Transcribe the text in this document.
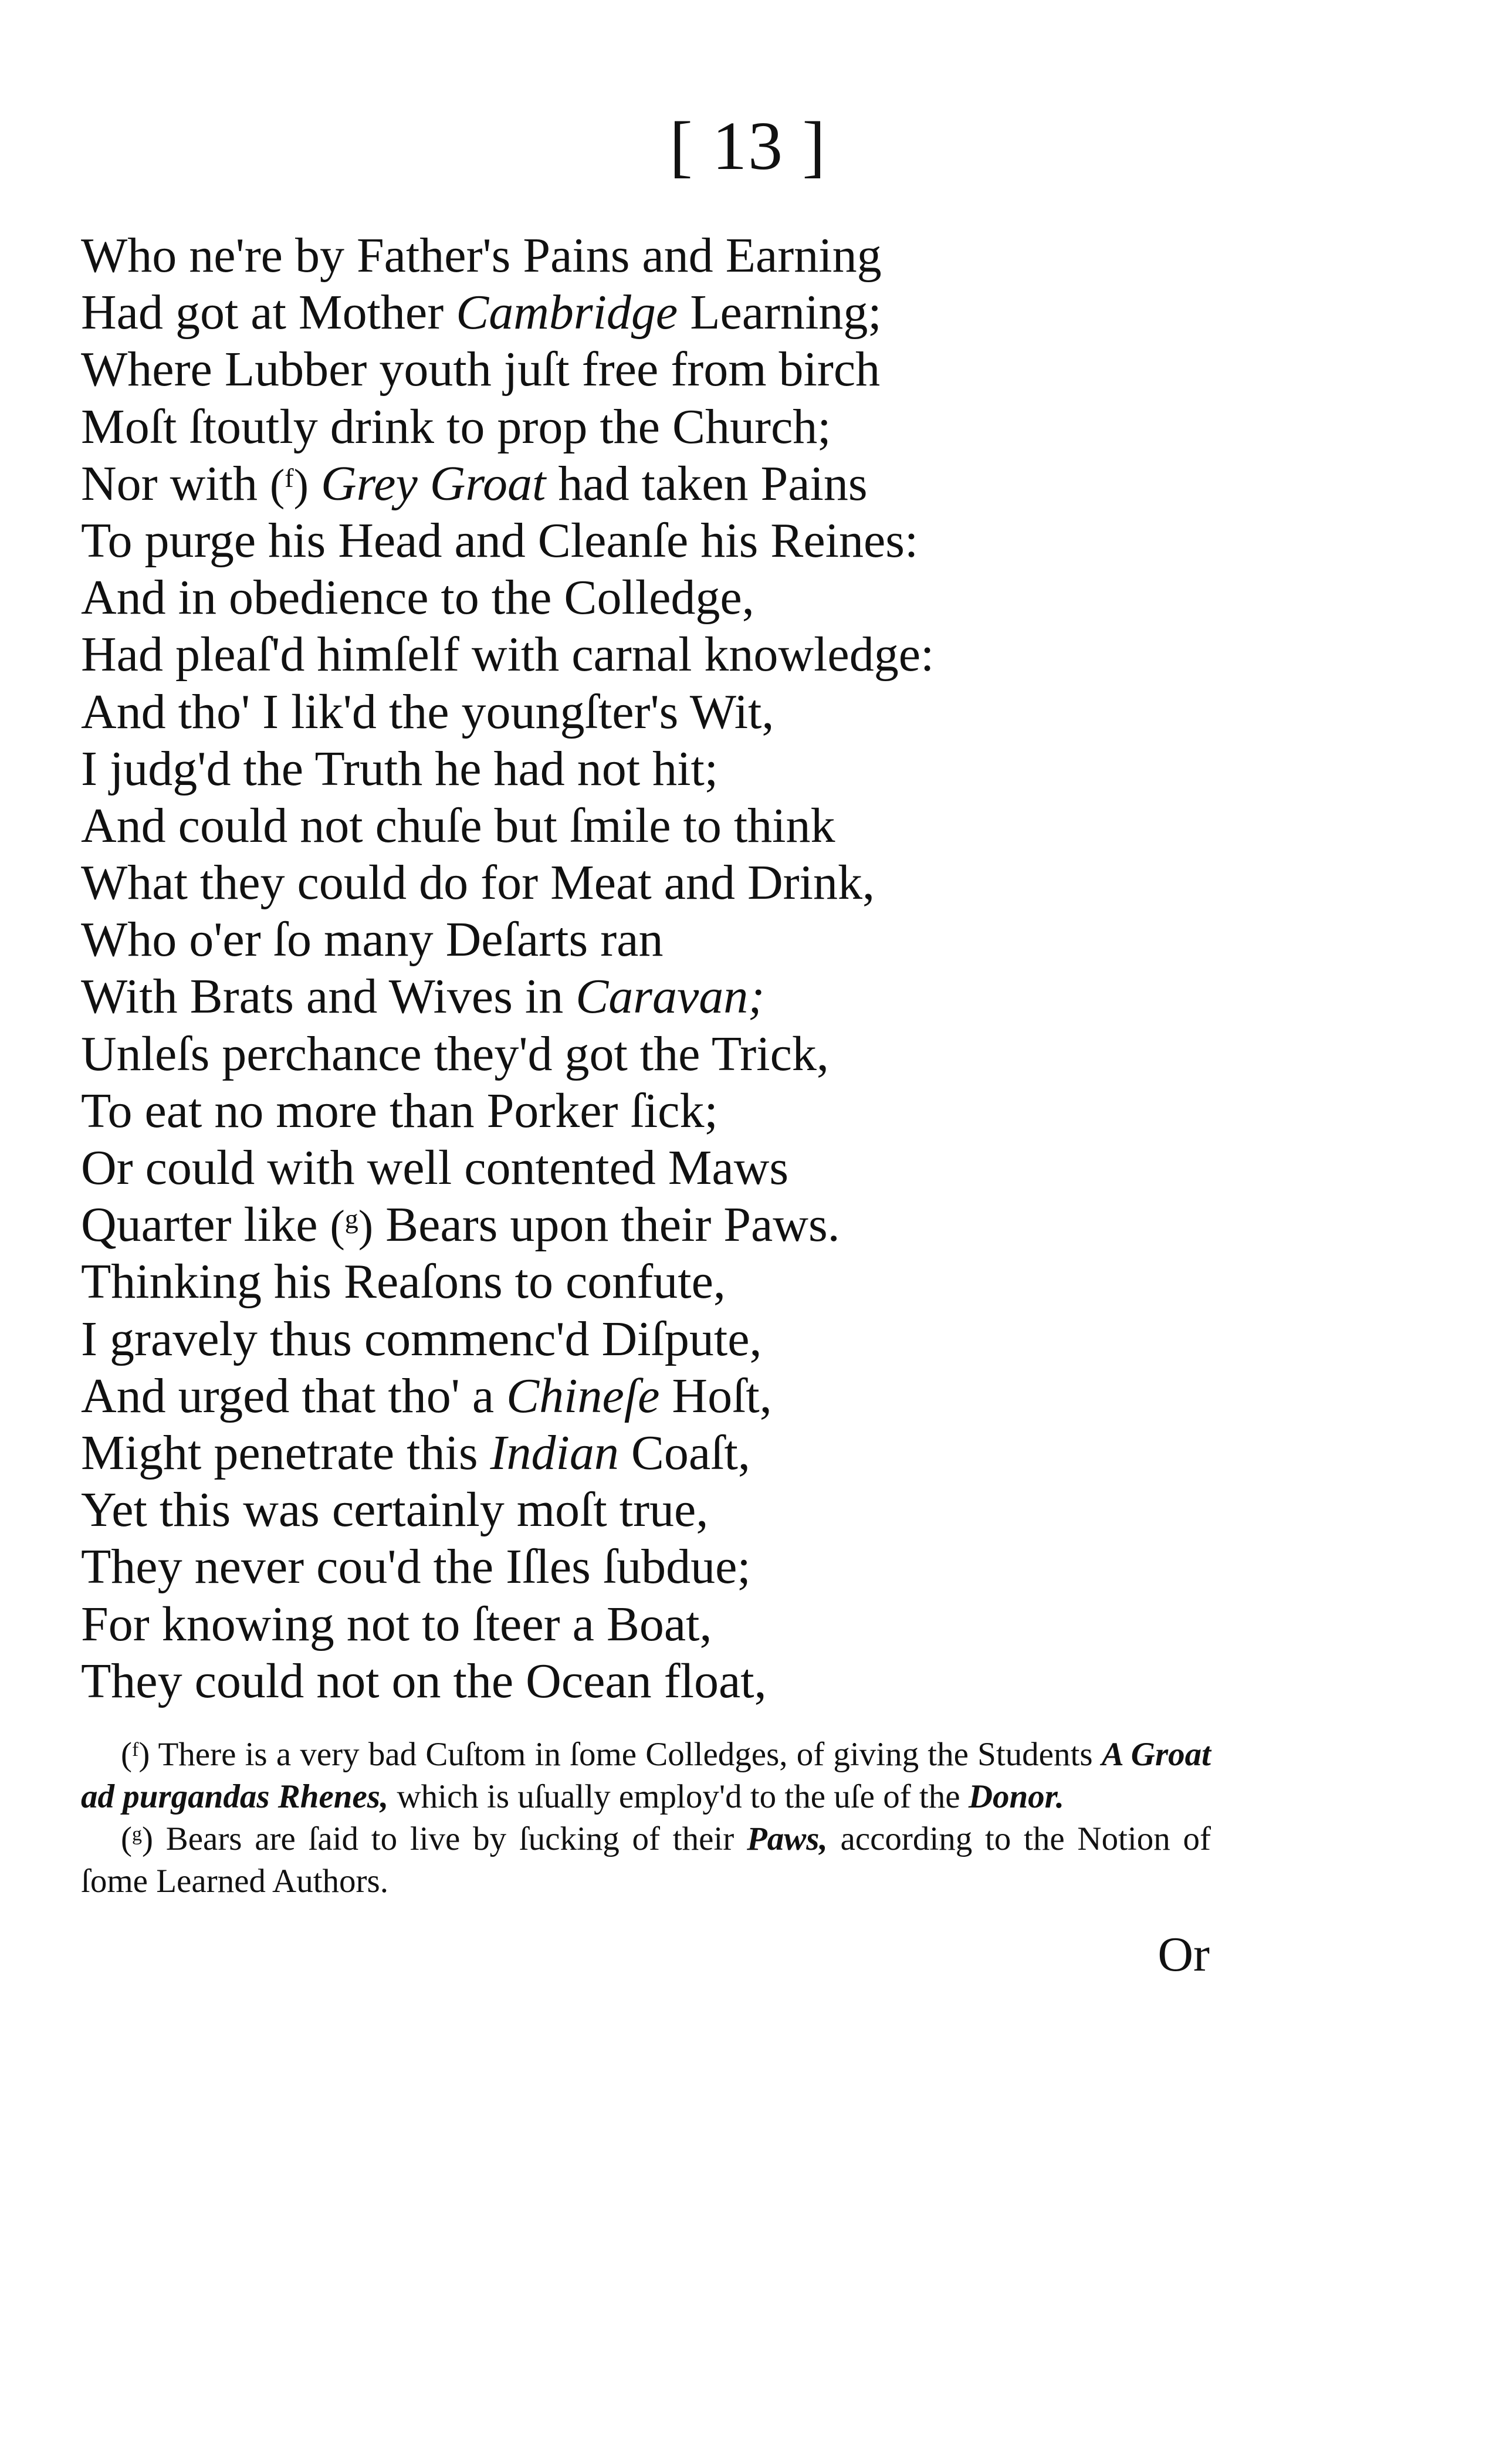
[ 13 ]
Who ne're by Father's Pains and Earning
Had got at Mother Cambridge Learning;
Where Lubber youth juſt free from birch
Moſt ſtoutly drink to prop the Church;
Nor with ($^f$) Grey Groat had taken Pains
To purge his Head and Cleanſe his Reines:
And in obedience to the Colledge,
Had pleaſ'd himſelf with carnal knowledge:
And tho' I lik'd the youngſter's Wit,
I judg'd the Truth he had not hit;
And could not chuſe but ſmile to think
What they could do for Meat and Drink,
Who o'er ſo many Deſarts ran
With Brats and Wives in Caravan;
Unleſs perchance they'd got the Trick,
To eat no more than Porker ſick;
Or could with well contented Maws
Quarter like ($^g$) Bears upon their Paws.
Thinking his Reaſons to confute,
I gravely thus commenc'd Diſpute,
And urged that tho' a Chineſe Hoſt,
Might penetrate this Indian Coaſt,
Yet this was certainly moſt true,
They never cou'd the Iſles ſubdue;
For knowing not to ſteer a Boat,
They could not on the Ocean float,

($^f$) There is a very bad Cuſtom in ſome Colledges, of giving the Students A Groat ad purgandas Rhenes, which is uſually employ'd to the uſe of the Donor.

($^g$) Bears are ſaid to live by ſucking of their Paws, according to the Notion of ſome Learned Authors.

Or
